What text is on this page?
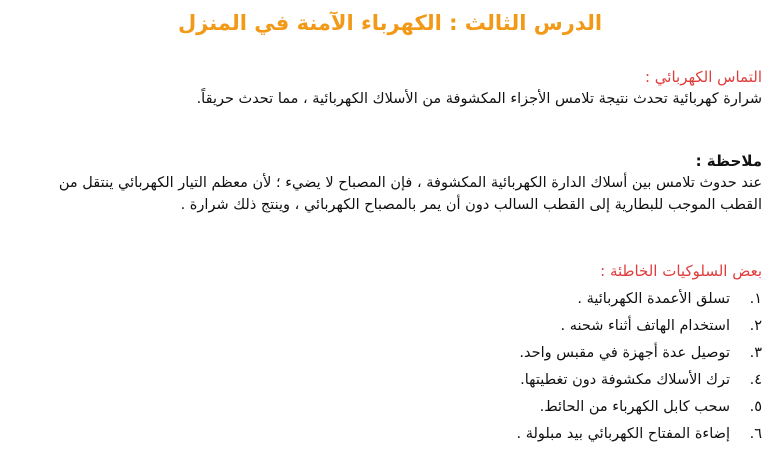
الدرس الثالث : الكهرباء الآمنة في المنزل
التماس الكهربائي :

شرارة كهربائية تحدث نتيجة تلامس الأجزاء المكشوفة من الأسلاك الكهربائية ، مما تحدث حريقاً.

ملاحظة :

عند حدوث تلامس بين أسلاك الدارة الكهربائية المكشوفة ، فإن المصباح لا يضيء ؛ لأن معظم التيار الكهربائي ينتقل من

القطب الموجب للبطارية إلى القطب السالب دون أن يمر بالمصباح الكهربائي ، وينتج ذلك شرارة .

بعض السلوكيات الخاطئة :
١.
تسلق الأعمدة الكهربائية .
٢.
استخدام الهاتف أثناء شحنه .
٣.
توصيل عدة أجهزة في مقبس واحد.
٤.
ترك الأسلاك مكشوفة دون تغطيتها.
٥.
سحب كابل الكهرباء من الحائط.
٦.
إضاءة المفتاح الكهربائي بيد مبلولة .
